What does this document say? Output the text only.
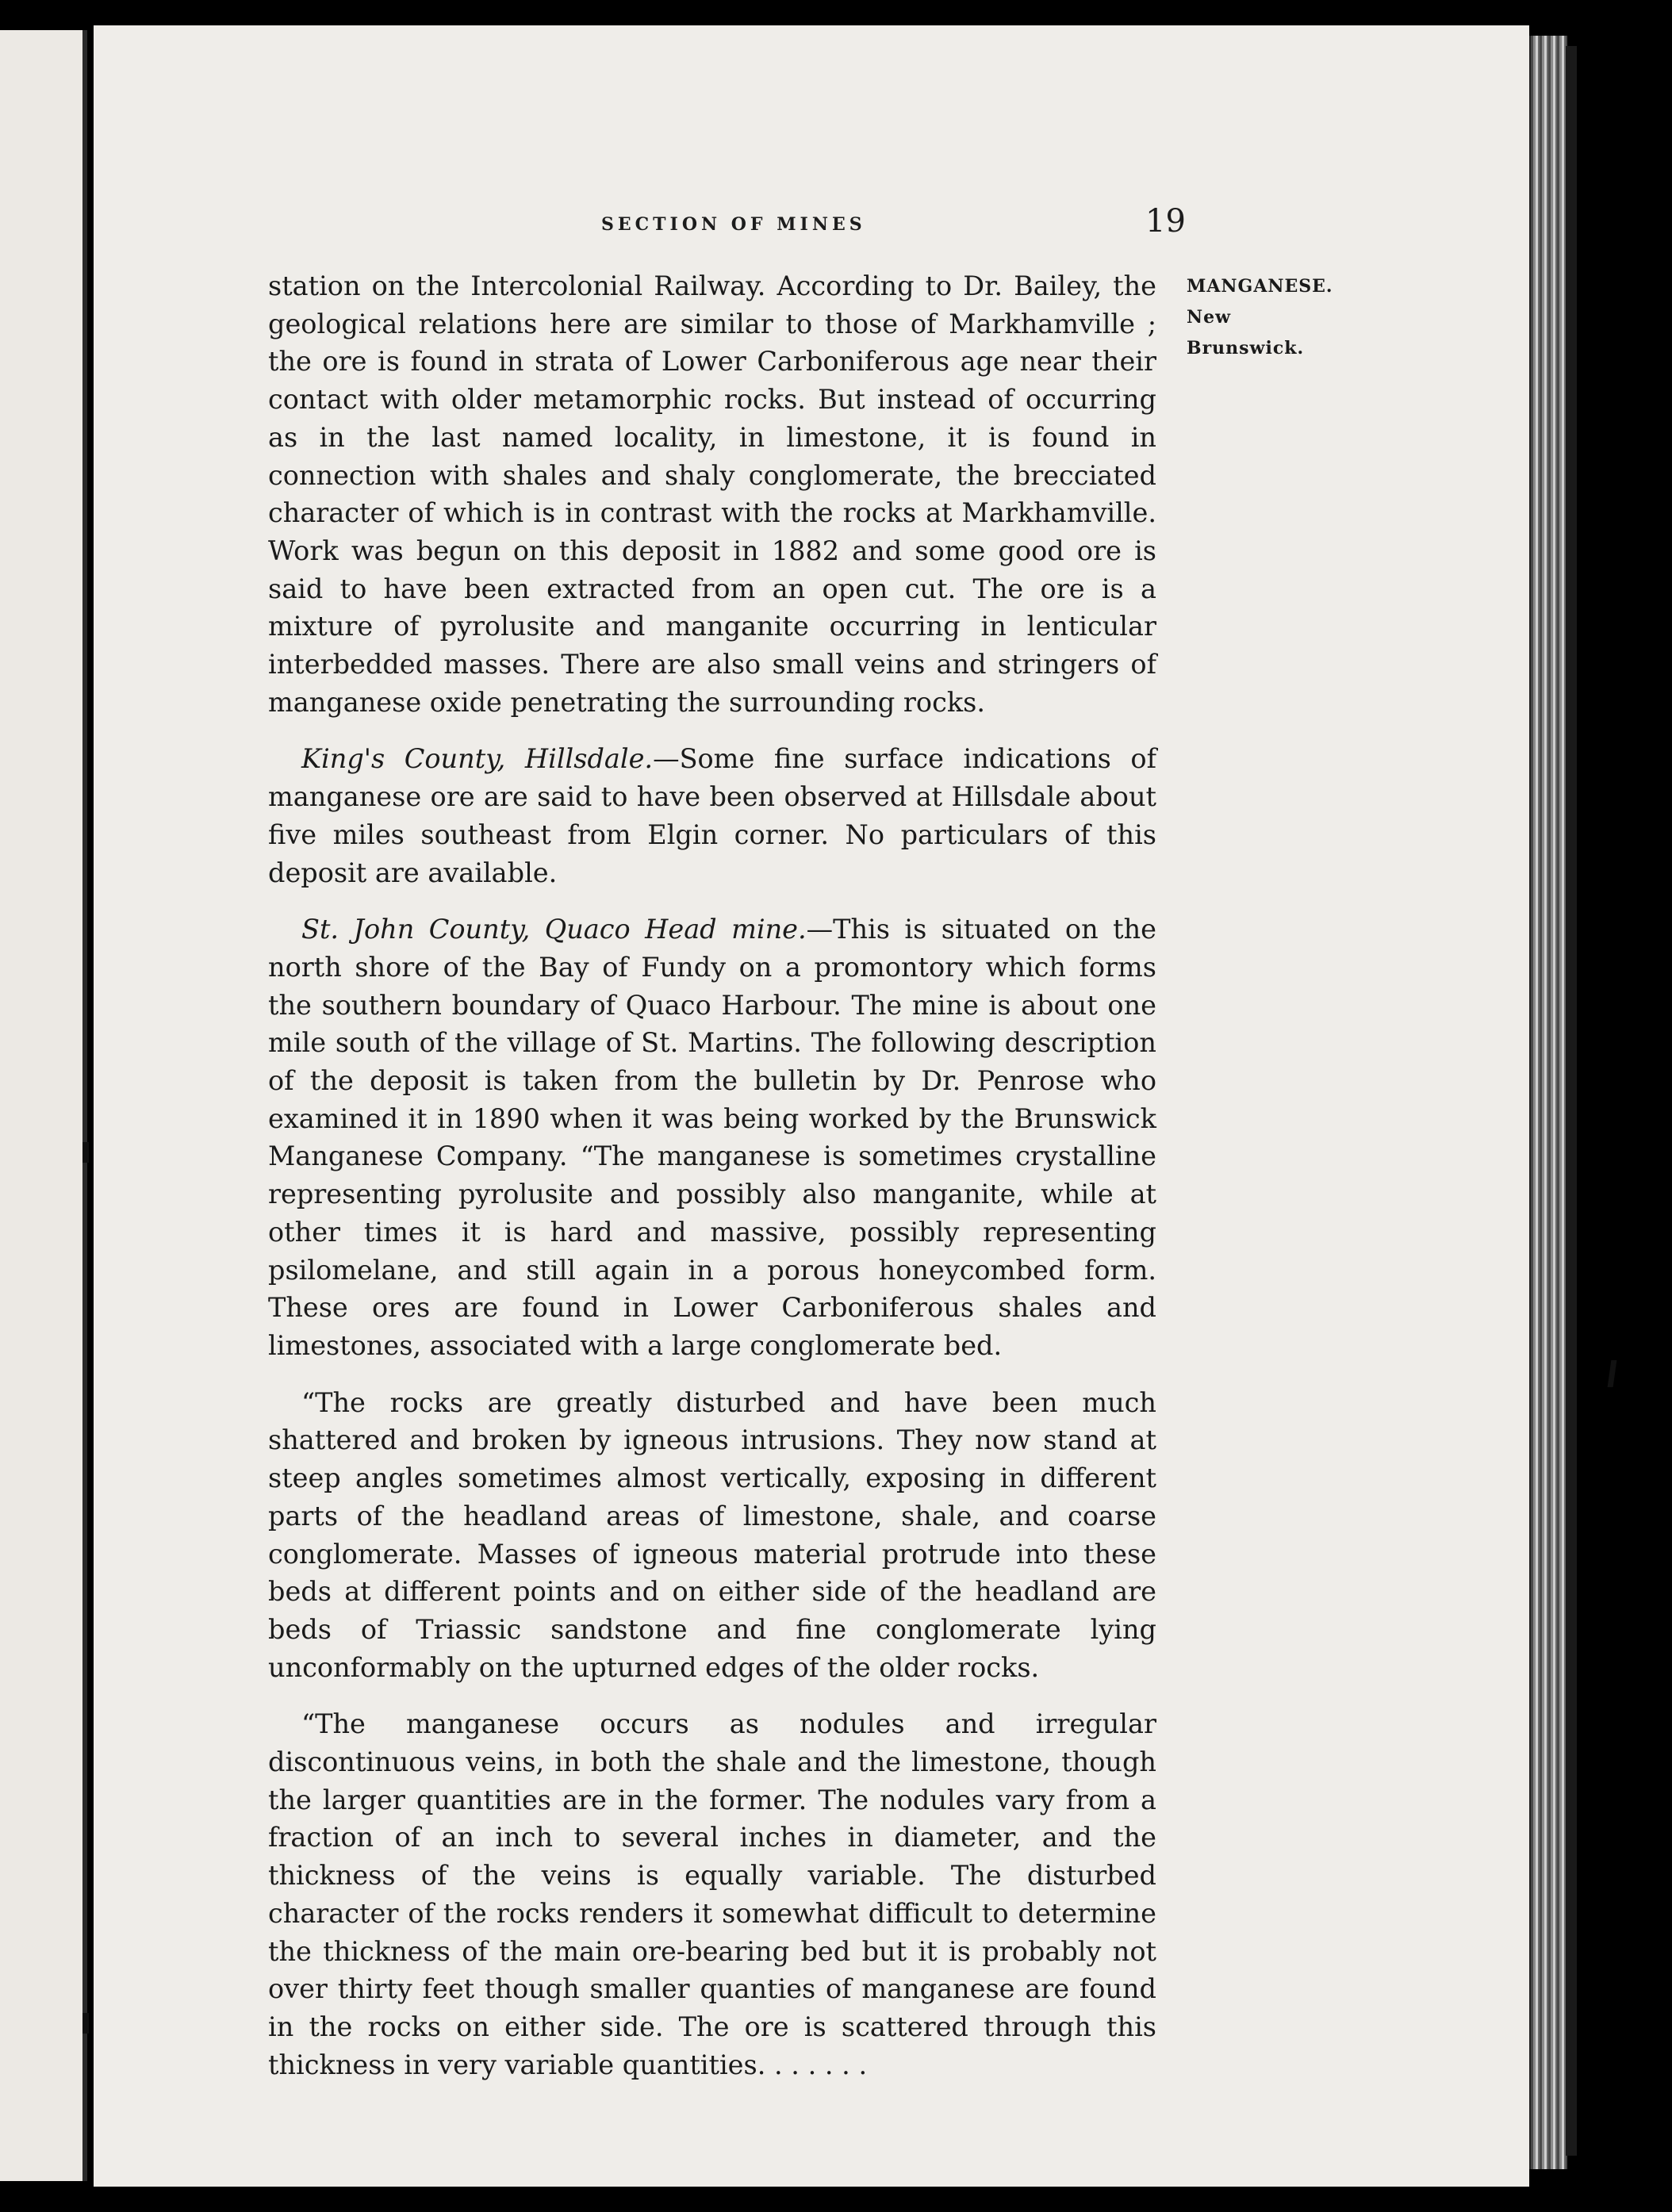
SECTION OF MINES	19

station on the Intercolonial Railway. According to Dr. Bailey, the geological relations here are similar to those of Markhamville ; the ore is found in strata of Lower Carboniferous age near their contact with older metamorphic rocks. But instead of occurring as in the last named locality, in limestone, it is found in connection with shales and shaly conglomerate, the brecciated character of which is in contrast with the rocks at Markhamville. Work was begun on this deposit in 1882 and some good ore is said to have been extracted from an open cut. The ore is a mixture of pyrolusite and manganite occurring in lenticular interbedded masses. There are also small veins and stringers of manganese oxide penetrating the surrounding rocks.

King's County, Hillsdale.—Some fine surface indications of manganese ore are said to have been observed at Hillsdale about five miles southeast from Elgin corner. No particulars of this deposit are available.

St. John County, Quaco Head mine.—This is situated on the north shore of the Bay of Fundy on a promontory which forms the southern boundary of Quaco Harbour. The mine is about one mile south of the village of St. Martins. The following description of the deposit is taken from the bulletin by Dr. Penrose who examined it in 1890 when it was being worked by the Brunswick Manganese Company. “The manganese is sometimes crystalline representing pyrolusite and possibly also manganite, while at other times it is hard and massive, possibly representing psilomelane, and still again in a porous honeycombed form. These ores are found in Lower Carboniferous shales and limestones, associated with a large conglomerate bed.

“The rocks are greatly disturbed and have been much shattered and broken by igneous intrusions. They now stand at steep angles sometimes almost vertically, exposing in different parts of the headland areas of limestone, shale, and coarse conglomerate. Masses of igneous material protrude into these beds at different points and on either side of the headland are beds of Triassic sandstone and fine conglomerate lying unconformably on the upturned edges of the older rocks.

“The manganese occurs as nodules and irregular discontinuous veins, in both the shale and the limestone, though the larger quantities are in the former. The nodules vary from a fraction of an inch to several inches in diameter, and the thickness of the veins is equally variable. The disturbed character of the rocks renders it somewhat difficult to determine the thickness of the main ore-bearing bed but it is probably not over thirty feet though smaller quanties of manganese are found in the rocks on either side. The ore is scattered through this thickness in very variable quantities. . . . . . .

MANGANESE.
New
Brunswick.
